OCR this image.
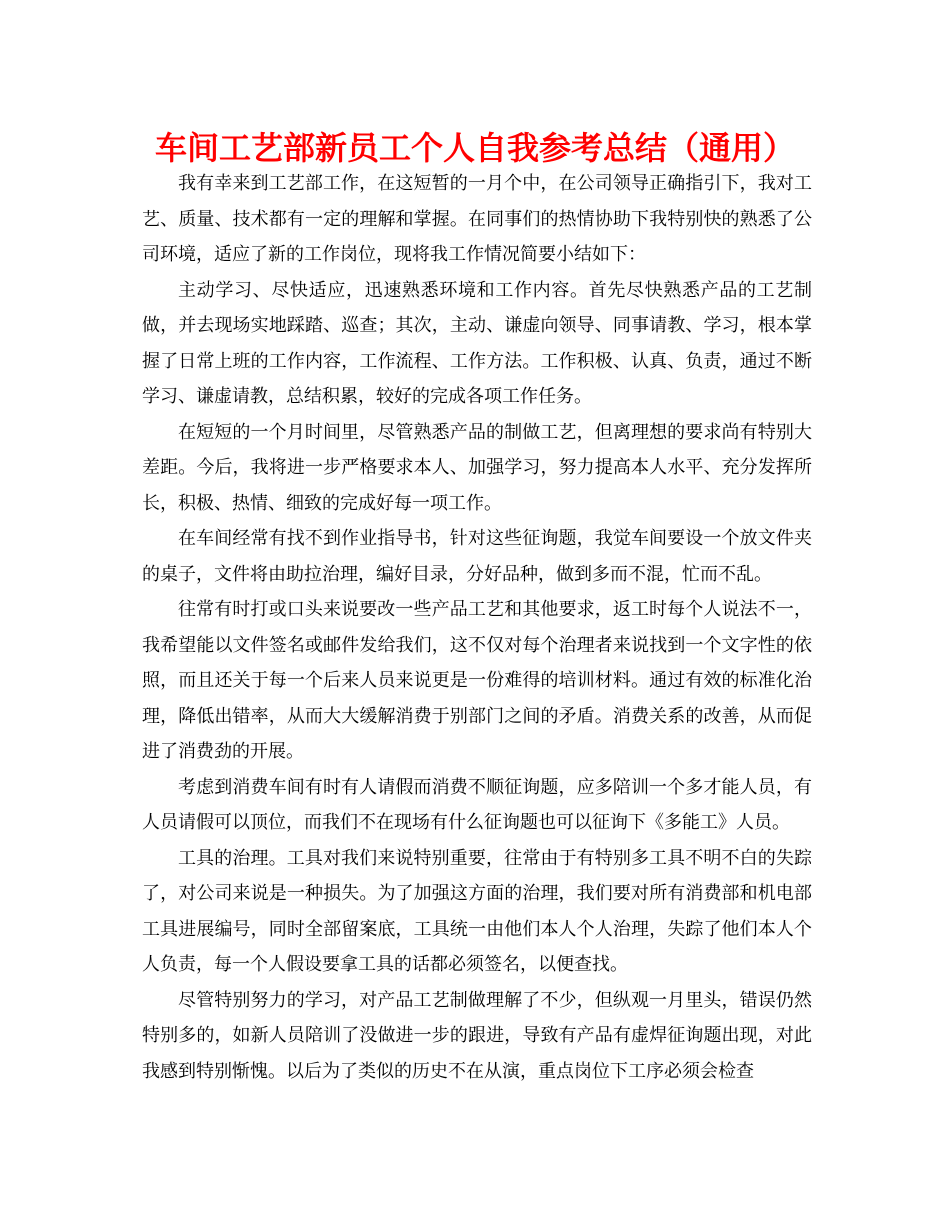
车间工艺部新员工个人自我参考总结（通用）

我有幸来到工艺部工作，在这短暂的一月个中，在公司领导正确指引下，我对工艺、质量、技术都有一定的理解和掌握。在同事们的热情协助下我特别快的熟悉了公司环境，适应了新的工作岗位，现将我工作情况简要小结如下：

主动学习、尽快适应，迅速熟悉环境和工作内容。首先尽快熟悉产品的工艺制做，并去现场实地踩踏、巡查；其次，主动、谦虚向领导、同事请教、学习，根本掌握了日常上班的工作内容，工作流程、工作方法。工作积极、认真、负责，通过不断学习、谦虚请教，总结积累，较好的完成各项工作任务。

在短短的一个月时间里，尽管熟悉产品的制做工艺，但离理想的要求尚有特别大差距。今后，我将进一步严格要求本人、加强学习，努力提高本人水平、充分发挥所长，积极、热情、细致的完成好每一项工作。

在车间经常有找不到作业指导书，针对这些征询题，我觉车间要设一个放文件夹的桌子，文件将由助拉治理，编好目录，分好品种，做到多而不混，忙而不乱。

往常有时打或口头来说要改一些产品工艺和其他要求，返工时每个人说法不一，我希望能以文件签名或邮件发给我们，这不仅对每个治理者来说找到一个文字性的依照，而且还关于每一个后来人员来说更是一份难得的培训材料。通过有效的标准化治理，降低出错率，从而大大缓解消费于别部门之间的矛盾。消费关系的改善，从而促进了消费劲的开展。

考虑到消费车间有时有人请假而消费不顺征询题，应多陪训一个多才能人员，有人员请假可以顶位，而我们不在现场有什么征询题也可以征询下《多能工》人员。

工具的治理。工具对我们来说特别重要，往常由于有特别多工具不明不白的失踪了，对公司来说是一种损失。为了加强这方面的治理，我们要对所有消费部和机电部工具进展编号，同时全部留案底，工具统一由他们本人个人治理，失踪了他们本人个人负责，每一个人假设要拿工具的话都必须签名，以便查找。

尽管特别努力的学习，对产品工艺制做理解了不少，但纵观一月里头，错误仍然特别多的，如新人员陪训了没做进一步的跟进，导致有产品有虚焊征询题出现，对此我感到特别惭愧。以后为了类似的历史不在从演，重点岗位下工序必须会检查
